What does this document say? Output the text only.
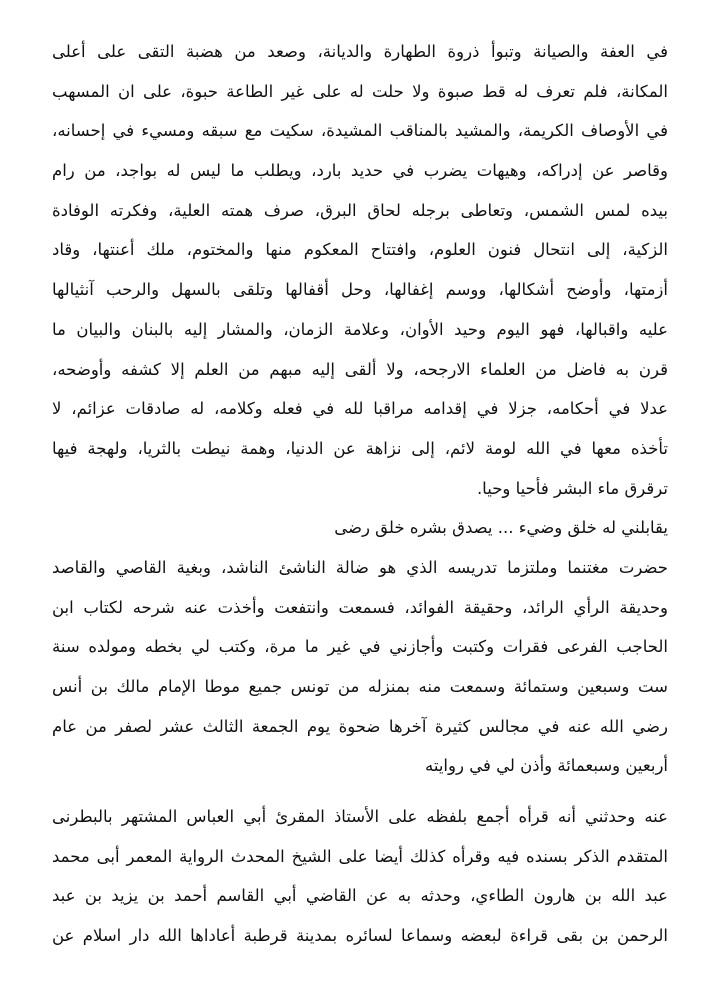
في العفة والصيانة وتبوأ ذروة الطهارة والديانة، وصعد من هضبة التقى على أعلى
المكانة، فلم تعرف له قط صبوة ولا حلت له على غير الطاعة حبوة، على ان المسهب
في الأوصاف الكريمة، والمشيد بالمناقب المشيدة، سكيت مع سبقه ومسيء في إحسانه،
وقاصر عن إدراكه، وهيهات يضرب في حديد بارد، ويطلب ما ليس له بواجد، من رام
بيده لمس الشمس، وتعاطى برجله لحاق البرق، صرف همته العلية، وفكرته الوفادة
الزكية، إلى انتحال فنون العلوم، وافتتاح المعكوم منها والمختوم، ملك أعنتها، وقاد
أزمتها، وأوضح أشكالها، ووسم إغفالها، وحل أقفالها وتلقى بالسهل والرحب آنثيالها
عليه واقبالها، فهو اليوم وحيد الأوان، وعلامة الزمان، والمشار إليه بالبنان والبيان ما
قرن به فاضل من العلماء الارجحه، ولا ألقى إليه مبهم من العلم إلا كشفه وأوضحه،
عدلا في أحكامه، جزلا في إقدامه مراقبا لله في فعله وكلامه، له صادقات عزائم، لا
تأخذه معها في الله لومة لائم، إلى نزاهة عن الدنيا، وهمة نيطت بالثريا، ولهجة فيها
ترقرق ماء البشر فأحيا وحيا.
يقابلني له خلق وضيء ... يصدق بشره خلق رضى
حضرت مغتنما وملتزما تدريسه الذي هو ضالة الناشئ الناشد، وبغية القاصي والقاصد
وحديقة الرأي الرائد، وحقيقة الفوائد، فسمعت وانتفعت وأخذت عنه شرحه لكتاب ابن
الحاجب الفرعى فقرات وكتبت وأجازني في غير ما مرة، وكتب لي بخطه ومولده سنة
ست وسبعين وستمائة وسمعت منه بمنزله من تونس جميع موطا الإمام مالك بن أنس
رضي الله عنه في مجالس كثيرة آخرها ضحوة يوم الجمعة الثالث عشر لصفر من عام
أربعين وسبعمائة وأذن لي في روايته
عنه وحدثني أنه قرأه أجمع بلفظه على الأستاذ المقرئ أبي العباس المشتهر بالبطرنى
المتقدم الذكر بسنده فيه وقرأه كذلك أيضا على الشيخ المحدث الرواية المعمر أبى محمد
عبد الله بن هارون الطاءي، وحدثه به عن القاضي أبي القاسم أحمد بن يزيد بن عبد
الرحمن بن بقى قراءة لبعضه وسماعا لسائره بمدينة قرطبة أعاداها الله دار اسلام عن
